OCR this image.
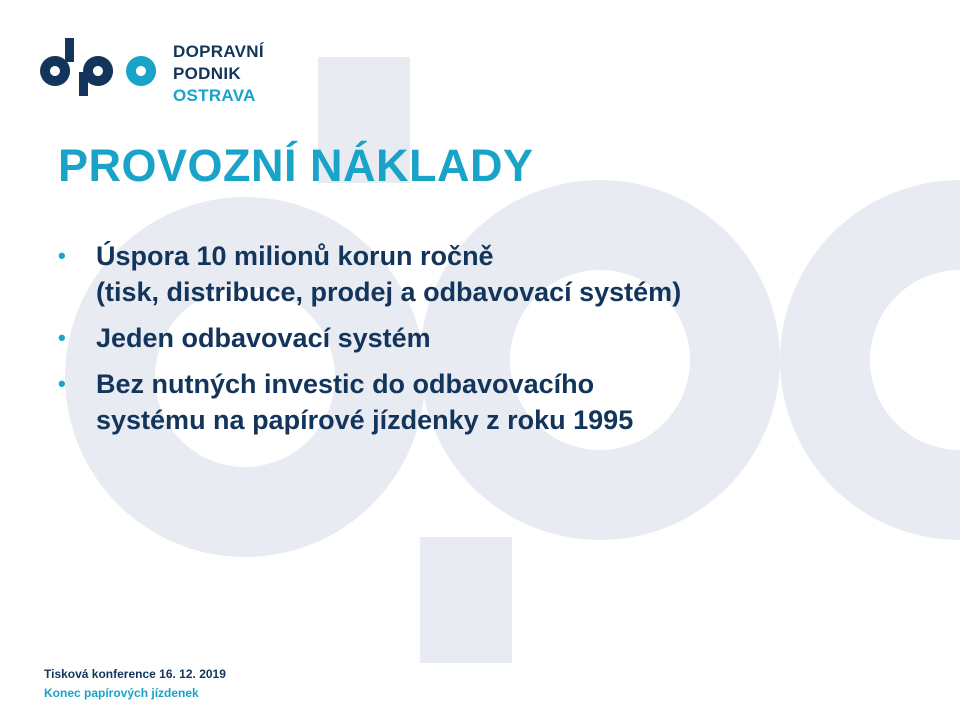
DOPRAVNÍ
PODNIK
OSTRAVA
PROVOZNÍ NÁKLADY
• Úspora 10 milionů korun ročně
(tisk, distribuce, prodej a odbavovací systém)
• Jeden odbavovací systém
• Bez nutných investic do odbavovacího
systému na papírové jízdenky z roku 1995
Tisková konference 16. 12. 2019
Konec papírových jízdenek
